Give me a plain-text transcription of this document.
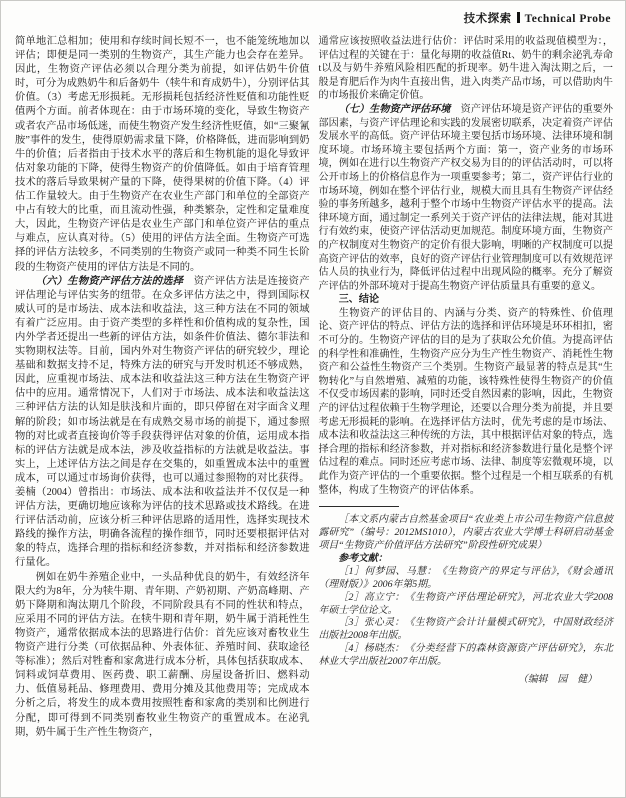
技术探索 Technical Probe

简单地汇总相加；使用和存续时间长短不一，也不能笼统地加以评估；即便是同一类别的生物资产，其生产能力也会存在差异。因此，生物资产评估必须以合理分类为前提，如评估奶牛价值时，可分为成熟奶牛和后备奶牛（犊牛和育成奶牛），分别评估其价值。（3）考虑无形损耗。无形损耗包括经济性贬值和功能性贬值两个方面。前者体现在：由于市场环境的变化，导致生物资产或者农产品市场低迷，而使生物资产发生经济性贬值，如“三聚氰胺”事件的发生，使得原奶需求量下降，价格降低，进而影响到奶牛的价值；后者指由于技术水平的落后和生物机能的退化导致评估对象功能的下降，使得生物资产的价值降低。如由于培育管理技术的落后导致果树产量的下降，使得果树的价值下降。（4）评估工作量较大。由于生物资产在农业生产部门和单位的全部资产中占有较大的比重，而且流动性强，种类繁杂，定性和定量难度大，因此，生物资产评估是农业生产部门和单位资产评估的重点与难点，应认真对待。（5）使用的评估方法全面。生物资产可选择的评估方法较多，不同类别的生物资产或同一种类不同生长阶段的生物资产使用的评估方法是不同的。

（六）生物资产评估方法的选择 资产评估方法是连接资产评估理论与评估实务的纽带。在众多评估方法之中，得到国际权威认可的是市场法、成本法和收益法，这三种方法在不同的领域有着广泛应用。由于资产类型的多样性和价值构成的复杂性，国内外学者还提出一些新的评估方法，如条件价值法、德尔菲法和实物期权法等。目前，国内外对生物资产评估的研究较少，理论基础和数据支持不足，特殊方法的研究与开发时机还不够成熟，因此，应重视市场法、成本法和收益法这三种方法在生物资产评估中的应用。通常情况下，人们对于市场法、成本法和收益法这三种评估方法的认知是肤浅和片面的，即只停留在对字面含义理解的阶段；如市场法就是在有成熟交易市场的前提下，通过参照物的对比或者直接询价等手段获得评估对象的价值，运用成本指标的评估方法就是成本法，涉及收益指标的方法就是收益法。事实上，上述评估方法之间是存在交集的，如重置成本法中的重置成本，可以通过市场询价获得，也可以通过参照物的对比获得。姜楠（2004）曾指出：市场法、成本法和收益法并不仅仅是一种评估方法，更确切地应该称为评估的技术思路或技术路线。在进行评估活动前，应该分析三种评估思路的适用性，选择实现技术路线的操作方法，明确各流程的操作细节，同时还要根据评估对象的特点，选择合理的指标和经济参数，并对指标和经济参数进行量化。

例如在奶牛养殖企业中，一头品种优良的奶牛，有效经济年限大约为8年，分为犊牛期、青年期、产奶初期、产奶高峰期、产奶下降期和淘汰期几个阶段，不同阶段具有不同的性状和特点，应采用不同的评估方法。在犊牛期和青年期，奶牛属于消耗性生物资产，通常依据成本法的思路进行估价：首先应该对畜牧业生物资产进行分类（可依据品种、外表体征、养殖时间、获取途径等标准）；然后对牲畜和家禽进行成本分析，具体包括获取成本、饲料或饲草费用、医药费、职工薪酬、房屋设备折旧、燃料动力、低值易耗品、修理费用、费用分摊及其他费用等；完成成本分析之后，将发生的成本费用按照牲畜和家禽的类别和比例进行分配，即可得到不同类别畜牧业生物资产的重置成本。在泌乳期，奶牛属于生产性生物资产，

通常应该按照收益法进行估价：评估时采用的收益现值模型为：，评估过程的关键在于：量化每期的收益值Rt、奶牛的剩余泌乳寿命t以及与奶牛养殖风险相匹配的折现率。奶牛进入淘汰期之后，一般是育肥后作为肉牛直接出售，进入肉类产品市场，可以借助肉牛的市场报价来确定价值。

（七）生物资产评估环境 资产评估环境是资产评估的重要外部因素，与资产评估理论和实践的发展密切联系，决定着资产评估发展水平的高低。资产评估环境主要包括市场环境、法律环境和制度环境。市场环境主要包括两个方面：第一，资产业务的市场环境，例如在进行以生物资产产权交易为目的的评估活动时，可以将公开市场上的价格信息作为一项重要参考；第二，资产评估行业的市场环境，例如在整个评估行业，规模大而且具有生物资产评估经验的事务所越多，越利于整个市场中生物资产评估水平的提高。法律环境方面，通过制定一系列关于资产评估的法律法规，能对其进行有效约束，使资产评估活动更加规范。制度环境方面，生物资产的产权制度对生物资产的定价有很大影响，明晰的产权制度可以提高资产评估的效率，良好的资产评估行业管理制度可以有效规范评估人员的执业行为，降低评估过程中出现风险的概率。充分了解资产评估的外部环境对于提高生物资产评估质量具有重要的意义。

三、结论

生物资产的评估目的、内涵与分类、资产的特殊性、价值理论、资产评估的特点、评估方法的选择和评估环境是环环相扣，密不可分的。生物资产评估的目的是为了获取公允价值。为提高评估的科学性和准确性，生物资产应分为生产性生物资产、消耗性生物资产和公益性生物资产三个类别。生物资产最显著的特点是其“生物转化”与自然增殖、减殖的功能，该特殊性使得生物资产的价值不仅受市场因素的影响，同时还受自然因素的影响，因此，生物资产的评估过程依赖于生物学理论，还要以合理分类为前提，并且要考虑无形损耗的影响。在选择评估方法时，优先考虑的是市场法、成本法和收益法这三种传统的方法，其中根据评估对象的特点，选择合理的指标和经济参数，并对指标和经济参数进行量化是整个评估过程的难点。同时还应考虑市场、法律、制度等宏微观环境，以此作为资产评估的一个重要依据。整个过程是一个相互联系的有机整体，构成了生物资产的评估体系。

［本文系内蒙古自然基金项目“农业类上市公司生物资产信息披露研究”（编号：2012MS1010），内蒙古农业大学博士科研启动基金项目“生物资产价值评估方法研究”阶段性研究成果）

参考文献：

［1］何梦园、马慧：《生物资产的界定与评估》，《财会通讯（理财版）》2006年第5期。

［2］高立宁：《生物资产评估理论研究》，河北农业大学2008年硕士学位论文。

［3］张心灵：《生物资产会计计量模式研究》，中国财政经济出版社2008年出版。

［4］杨晓杰：《分类经营下的森林资源资产评估研究》，东北林业大学出版社2007年出版。

（编辑　园　健）
